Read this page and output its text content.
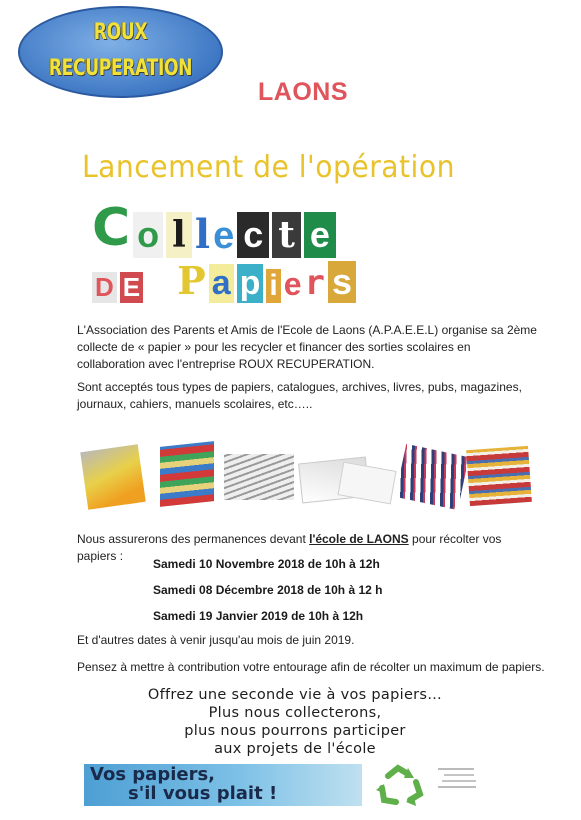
ROUX
RECUPERATION
LAONS
Lancement de l'opération
C o l le c t e
D E P a p i er s
L'Association des Parents et Amis de l'Ecole de Laons (A.P.A.E.E.L) organise sa 2ème collecte de « papier » pour les recycler et financer des sorties scolaires en collaboration avec l'entreprise ROUX RECUPERATION.
Sont acceptés tous types de papiers, catalogues, archives, livres, pubs, magazines, journaux, cahiers, manuels scolaires, etc…..
Nous assurerons des permanences devant l'école de LAONS pour récolter vos papiers :
Samedi 10 Novembre 2018 de 10h à 12h
Samedi 08 Décembre 2018 de 10h à 12 h
Samedi 19 Janvier 2019 de 10h à 12h
Et d'autres dates à venir jusqu'au mois de juin 2019.
Pensez à mettre à contribution votre entourage afin de récolter un maximum de papiers.
Offrez une seconde vie à vos papiers…
Plus nous collecterons,
plus nous pourrons participer
aux projets de l'école
Vos papiers,
s'il vous plait !
